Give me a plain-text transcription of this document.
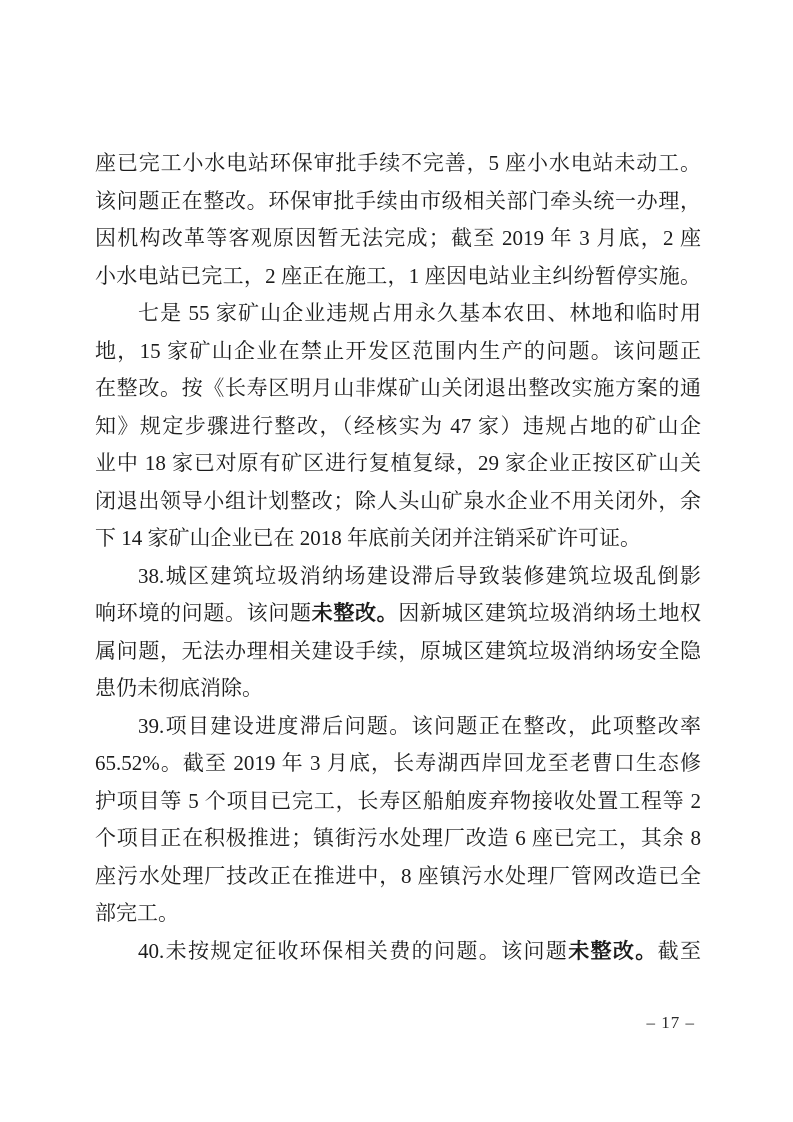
座已完工小水电站环保审批手续不完善，5 座小水电站未动工。
该问题正在整改。环保审批手续由市级相关部门牵头统一办理，
因机构改革等客观原因暂无法完成；截至 2019 年 3 月底，2 座
小水电站已完工，2 座正在施工，1 座因电站业主纠纷暂停实施。
七是 55 家矿山企业违规占用永久基本农田、林地和临时用
地，15 家矿山企业在禁止开发区范围内生产的问题。该问题正
在整改。按《长寿区明月山非煤矿山关闭退出整改实施方案的通
知》规定步骤进行整改，（经核实为 47 家）违规占地的矿山企
业中 18 家已对原有矿区进行复植复绿，29 家企业正按区矿山关
闭退出领导小组计划整改；除人头山矿泉水企业不用关闭外，余
下 14 家矿山企业已在 2018 年底前关闭并注销采矿许可证。
38.城区建筑垃圾消纳场建设滞后导致装修建筑垃圾乱倒影
响环境的问题。该问题未整改。因新城区建筑垃圾消纳场土地权
属问题，无法办理相关建设手续，原城区建筑垃圾消纳场安全隐
患仍未彻底消除。
39.项目建设进度滞后问题。该问题正在整改，此项整改率
65.52%。截至 2019 年 3 月底，长寿湖西岸回龙至老曹口生态修
护项目等 5 个项目已完工，长寿区船舶废弃物接收处置工程等 2
个项目正在积极推进；镇街污水处理厂改造 6 座已完工，其余 8
座污水处理厂技改正在推进中，8 座镇污水处理厂管网改造已全
部完工。
40.未按规定征收环保相关费的问题。该问题未整改。截至
– 17 –
